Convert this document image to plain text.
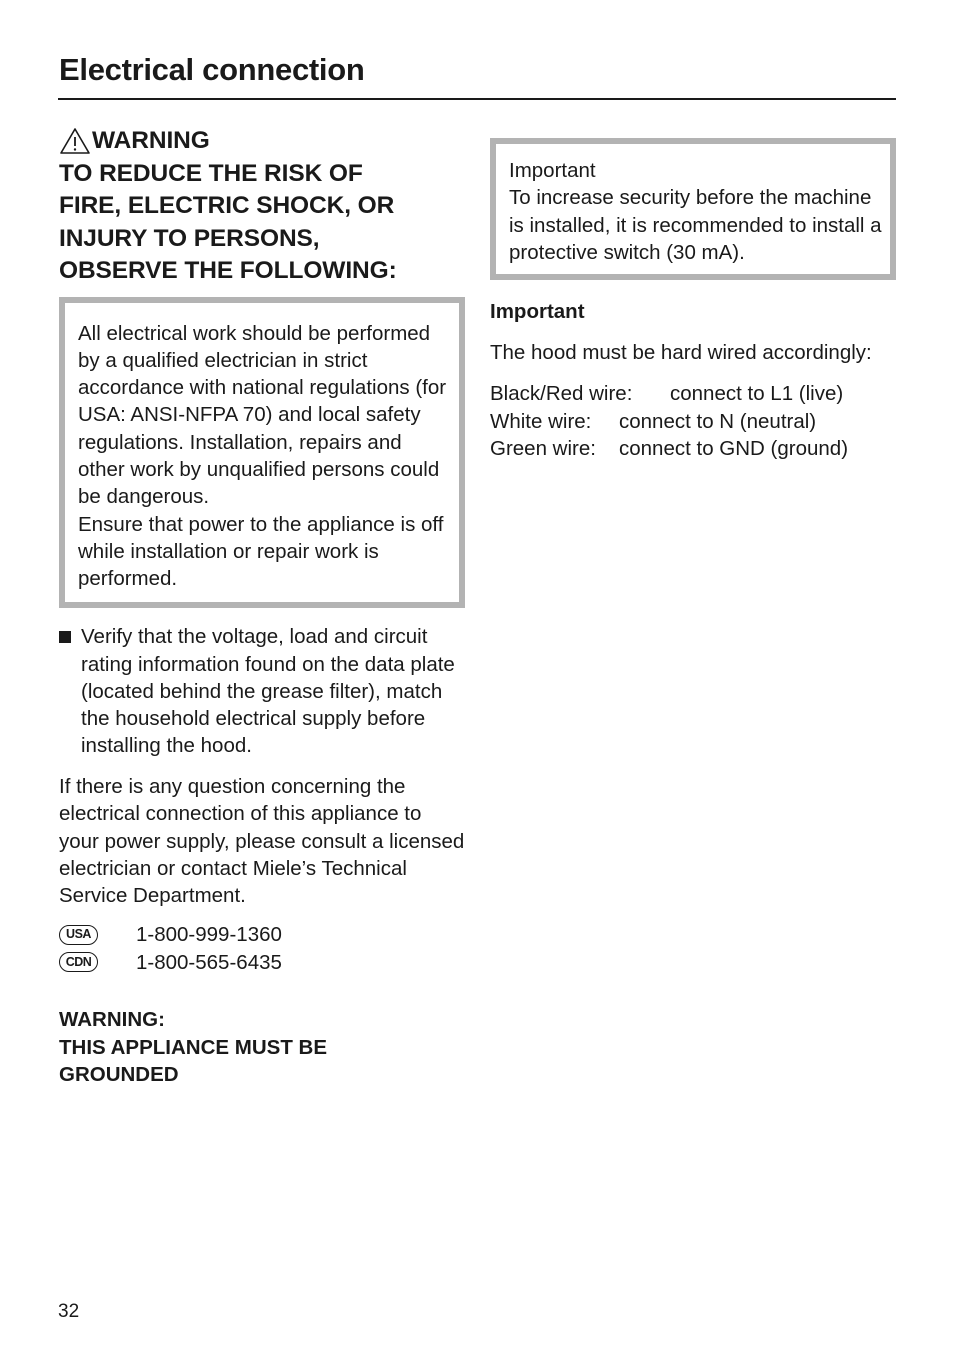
Electrical connection
WARNING
TO REDUCE THE RISK OF
FIRE, ELECTRIC SHOCK, OR
INJURY TO PERSONS,
OBSERVE THE FOLLOWING:

All electrical work should be performed by a qualified electrician in strict accordance with national regulations (for USA: ANSI-NFPA 70) and local safety regulations. Installation, repairs and other work by unqualified persons could be dangerous.

Ensure that power to the appliance is off while installation or repair work is performed.

Verify that the voltage, load and circuit rating information found on the data plate (located behind the grease filter), match the household electrical supply before installing the hood.
If there is any question concerning the electrical connection of this appliance to your power supply, please consult a licensed electrician or contact Miele’s Technical Service Department.
USA	1-800-999-1360
CDN	1-800-565-6435
WARNING:
THIS APPLIANCE MUST BE
GROUNDED

Important

To increase security before the machine is installed, it is recommended to install a protective switch (30 mA).

Important
The hood must be hard wired accordingly:
Black/Red wire:	connect to L1 (live)
White wire:	connect to N (neutral)
Green wire:	connect to GND (ground)
32
